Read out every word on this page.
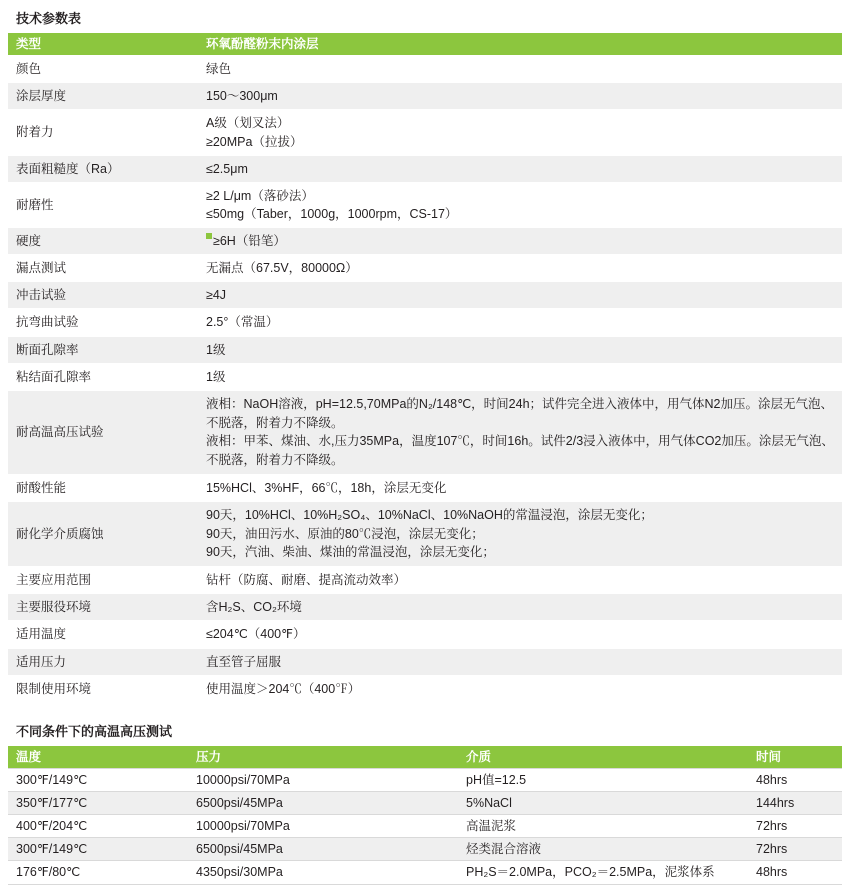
技术参数表
类型	环氧酚醛粉末内涂层
颜色	绿色

涂层厚度	150～300μm

附着力	A级（划叉法）
≥20MPa（拉拔）

表面粗糙度（Ra）	≤2.5μm

耐磨性	≥2 L/μm（落砂法）
≤50mg（Taber，1000g，1000rpm，CS-17）

硬度	≥6H（铅笔）

漏点测试	无漏点（67.5V，80000Ω）

冲击试验	≥4J

抗弯曲试验	2.5°（常温）

断面孔隙率	1级

粘结面孔隙率	1级

耐高温高压试验	液相：NaOH溶液，pH=12.5,70MPa的N₂/148℃，时间24h；试件完全进入液体中，用气体N2加压。涂层无气泡、不脱落，附着力不降级。
液相：甲苯、煤油、水,压力35MPa，温度107℃，时间16h。试件2/3浸入液体中，用气体CO2加压。涂层无气泡、不脱落，附着力不降级。

耐酸性能	15%HCl、3%HF，66℃，18h，涂层无变化

耐化学介质腐蚀	90天，10%HCl、10%H₂SO₄、10%NaCl、10%NaOH的常温浸泡，涂层无变化；
90天，油田污水、原油的80℃浸泡，涂层无变化；
90天，汽油、柴油、煤油的常温浸泡，涂层无变化；

主要应用范围	钻杆（防腐、耐磨、提高流动效率）

主要服役环境	含H₂S、CO₂环境

适用温度	≤204℃（400℉）

适用压力	直至管子屈服

限制使用环境	使用温度＞204℃（400℉）
不同条件下的高温高压测试
温度	压力	介质	时间
300℉/149℃	10000psi/70MPa	pH值=12.5	48hrs
350℉/177℃	6500psi/45MPa	5%NaCl	144hrs
400℉/204℃	10000psi/70MPa	高温泥浆	72hrs
300℉/149℃	6500psi/45MPa	烃类混合溶液	72hrs
176℉/80℃	4350psi/30MPa	PH₂S＝2.0MPa，PCO₂＝2.5MPa，泥浆体系	48hrs
